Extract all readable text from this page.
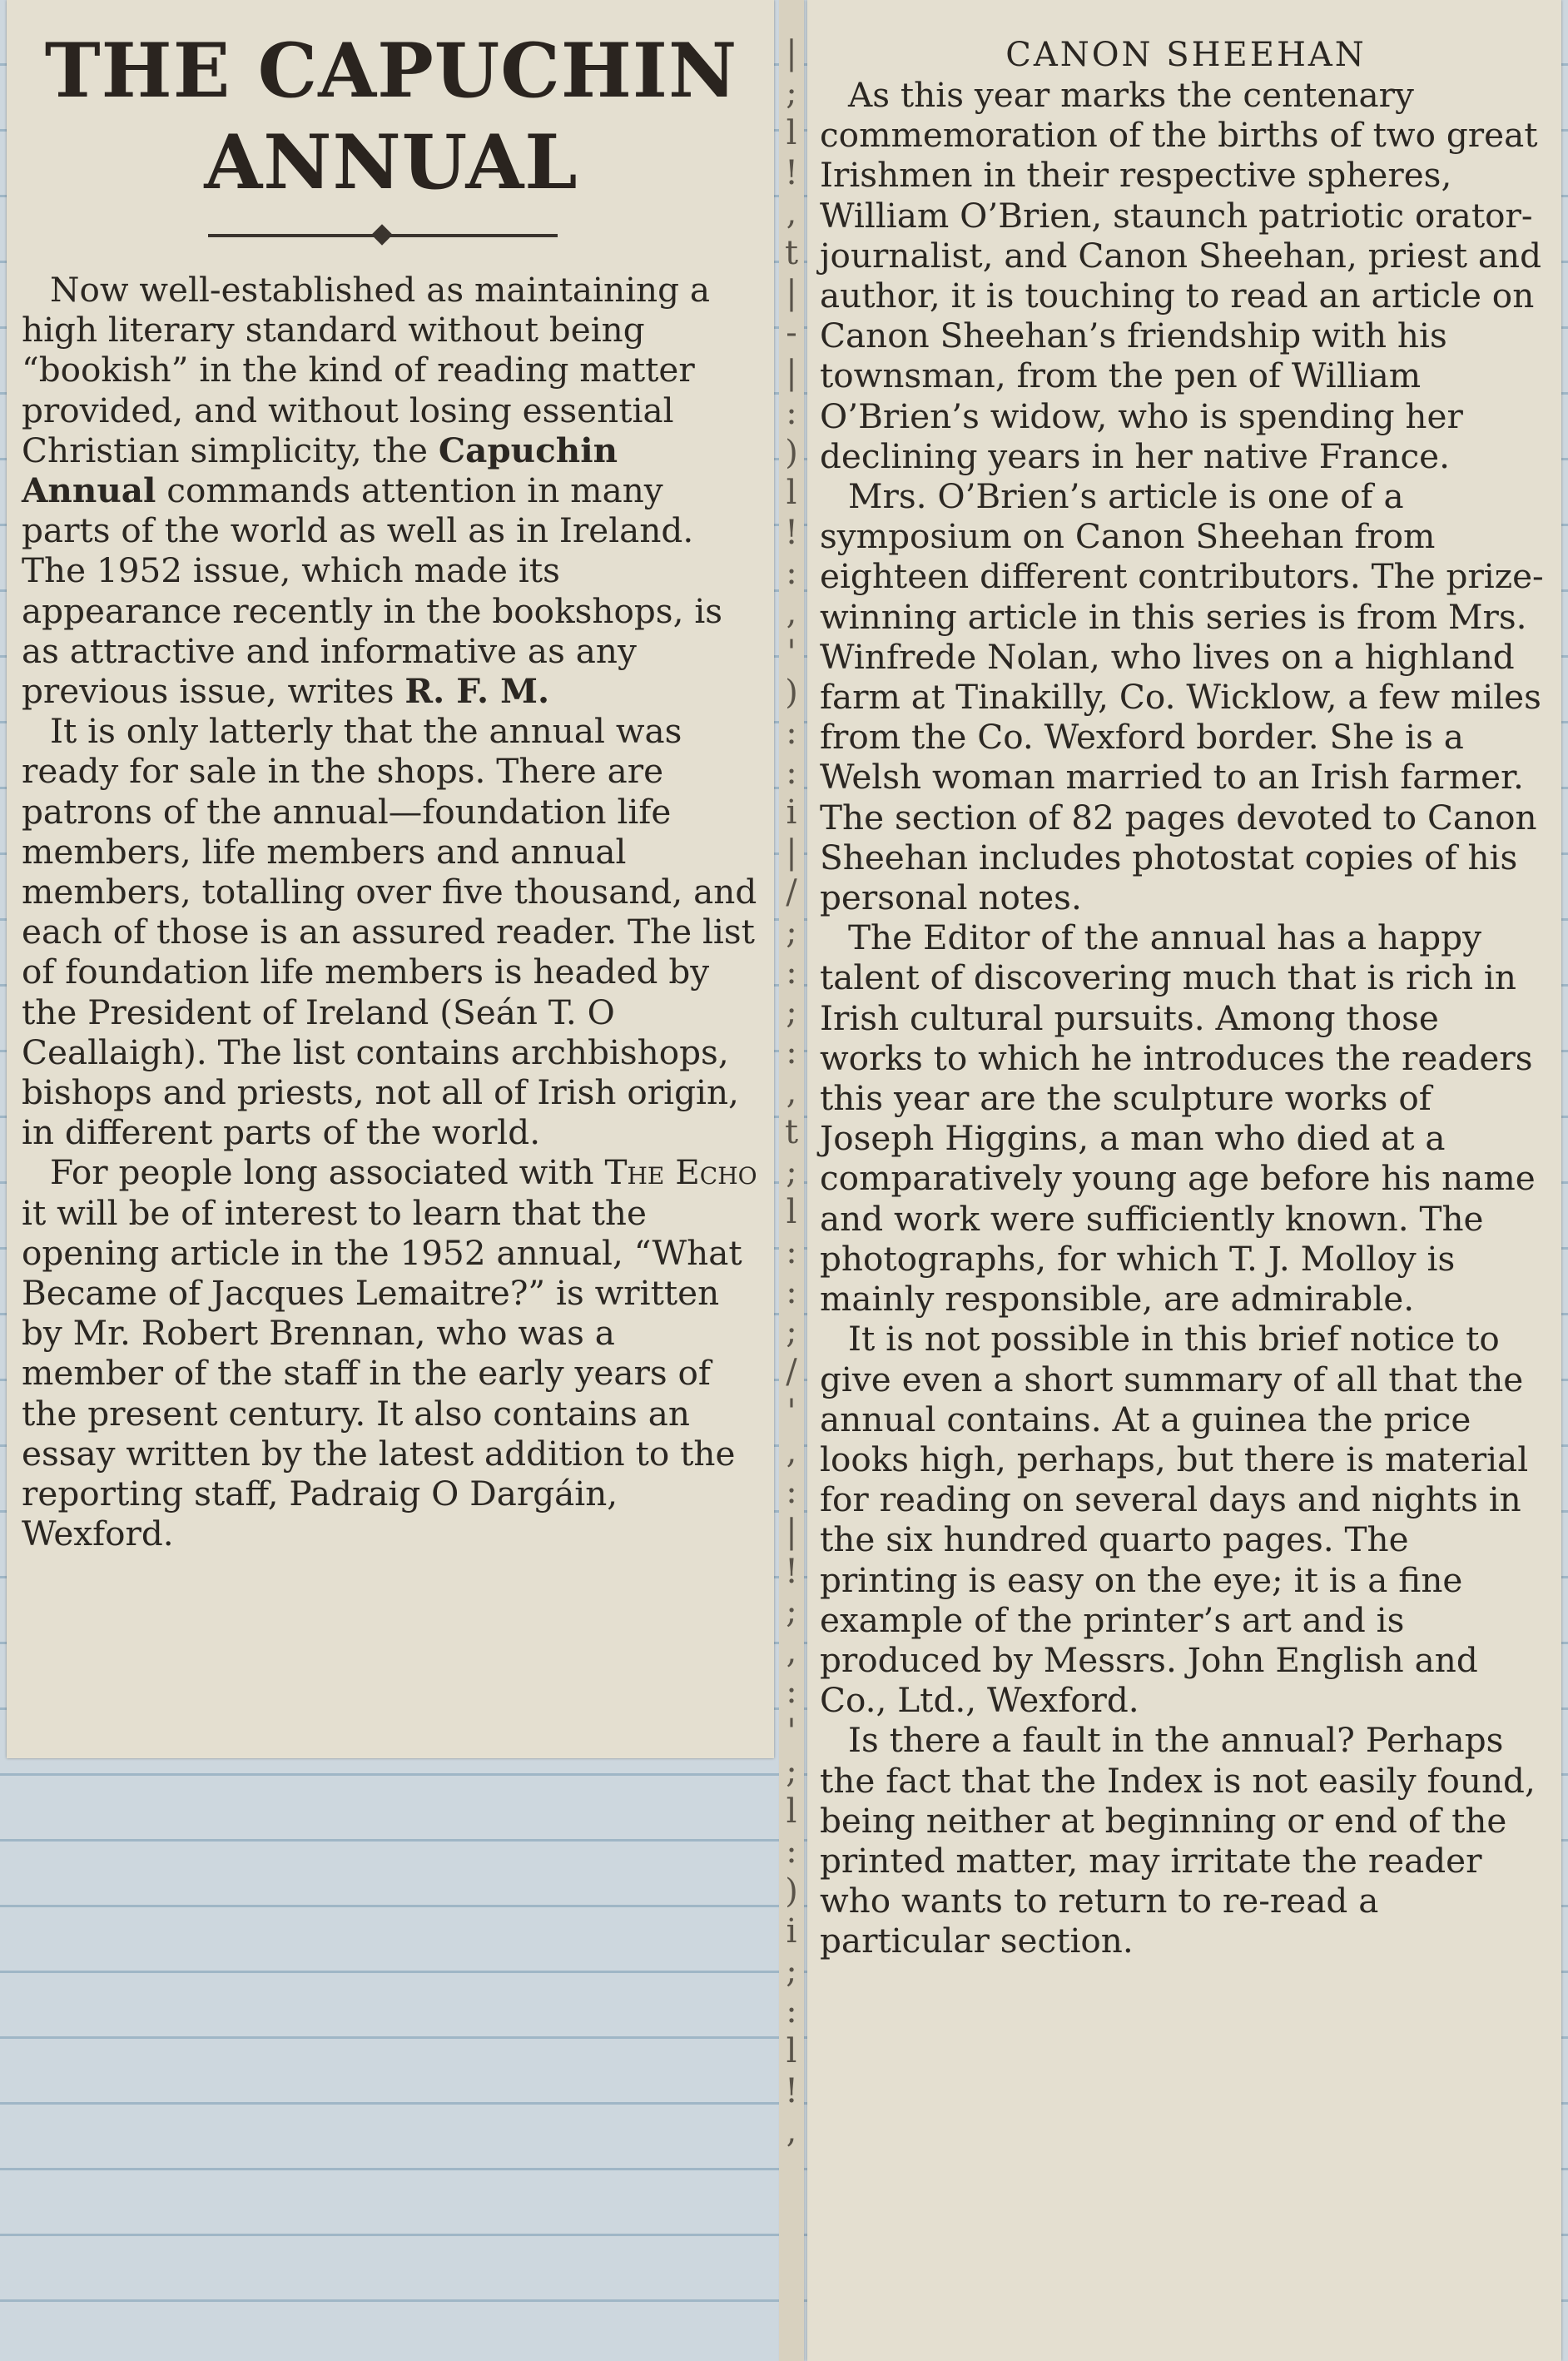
|
;
l
!
,
t
|
-
|
:
)
l
!
:
,
'
)
:
:
i
|
/
;
:
;
:
,
t
;
l
:
:
;
/
'
,
:
|
!
;
,
:
'
;
l
:
)
i
;
:
l
!
,
THE CAPUCHIN
ANNUAL
Now well-established as maintaining a high literary standard without being “bookish” in the kind of reading matter provided, and without losing essential Christian simplicity, the Capuchin Annual commands attention in many parts of the world as well as in Ireland. The 1952 issue, which made its appearance recently in the bookshops, is as attractive and informative as any previous issue, writes R. F. M.
It is only latterly that the annual was ready for sale in the shops. There are patrons of the annual—foundation life members, life members and annual members, totalling over five thousand, and each of those is an assured reader. The list of foundation life members is headed by the President of Ireland (Seán T. O Ceallaigh). The list contains archbishops, bishops and priests, not all of Irish origin, in different parts of the world.
For people long associated with The Echo it will be of interest to learn that the opening article in the 1952 annual, “What Became of Jacques Lemaitre?” is written by Mr. Robert Brennan, who was a member of the staff in the early years of the present century. It also contains an essay written by the latest addition to the reporting staff, Padraig O Dargáin, Wexford.
CANON SHEEHAN
As this year marks the centenary commemoration of the births of two great Irishmen in their respective spheres, William O’Brien, staunch patriotic orator-journalist, and Canon Sheehan, priest and author, it is touching to read an article on Canon Sheehan’s friendship with his townsman, from the pen of William O’Brien’s widow, who is spending her declining years in her native France.
Mrs. O’Brien’s article is one of a symposium on Canon Sheehan from eighteen different contributors. The prize-winning article in this series is from Mrs. Winfrede Nolan, who lives on a highland farm at Tinakilly, Co. Wicklow, a few miles from the Co. Wexford border. She is a Welsh woman married to an Irish farmer. The section of 82 pages devoted to Canon Sheehan includes photostat copies of his personal notes.
The Editor of the annual has a happy talent of discovering much that is rich in Irish cultural pursuits. Among those works to which he introduces the readers this year are the sculpture works of Joseph Higgins, a man who died at a comparatively young age before his name and work were sufficiently known. The photographs, for which T. J. Molloy is mainly responsible, are admirable.
It is not possible in this brief notice to give even a short summary of all that the annual contains. At a guinea the price looks high, perhaps, but there is material for reading on several days and nights in the six hundred quarto pages. The printing is easy on the eye; it is a fine example of the printer’s art and is produced by Messrs. John English and Co., Ltd., Wexford.
Is there a fault in the annual? Perhaps the fact that the Index is not easily found, being neither at beginning or end of the printed matter, may irritate the reader who wants to return to re-read a particular section.
